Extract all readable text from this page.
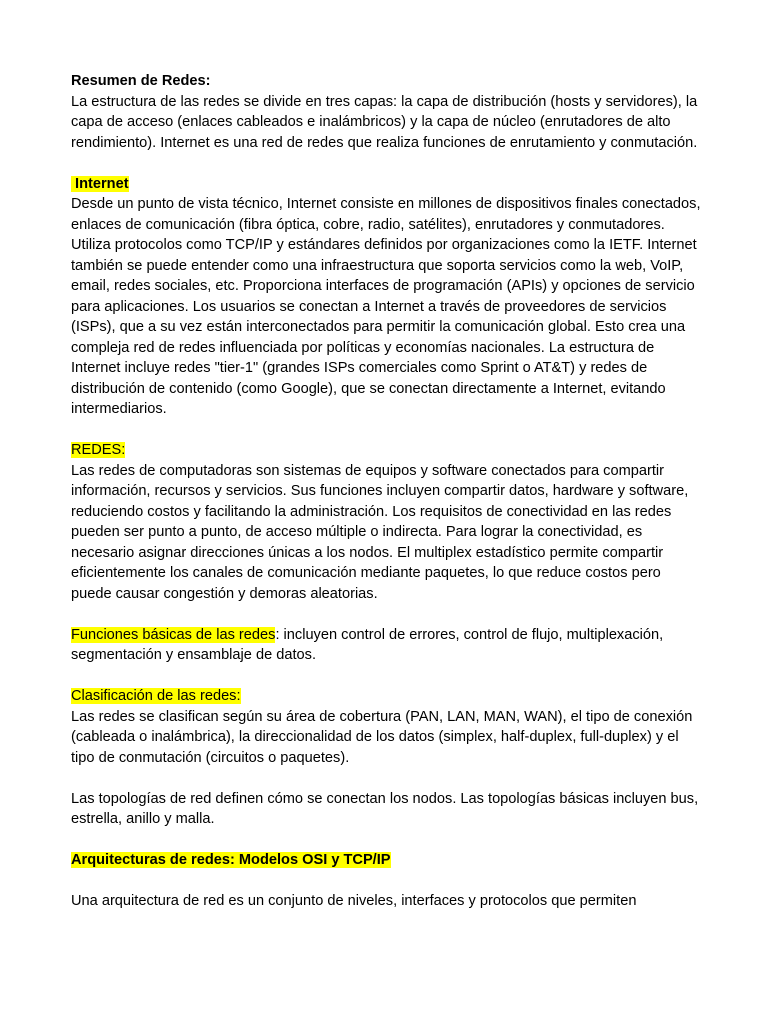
Resumen de Redes:

La estructura de las redes se divide en tres capas: la capa de distribución (hosts y servidores), la capa de acceso (enlaces cableados e inalámbricos) y la capa de núcleo (enrutadores de alto rendimiento). Internet es una red de redes que realiza funciones de enrutamiento y conmutación.

Internet

Desde un punto de vista técnico, Internet consiste en millones de dispositivos finales conectados, enlaces de comunicación (fibra óptica, cobre, radio, satélites), enrutadores y conmutadores. Utiliza protocolos como TCP/IP y estándares definidos por organizaciones como la IETF. Internet también se puede entender como una infraestructura que soporta servicios como la web, VoIP, email, redes sociales, etc. Proporciona interfaces de programación (APIs) y opciones de servicio para aplicaciones. Los usuarios se conectan a Internet a través de proveedores de servicios (ISPs), que a su vez están interconectados para permitir la comunicación global. Esto crea una compleja red de redes influenciada por políticas y economías nacionales. La estructura de Internet incluye redes "tier-1" (grandes ISPs comerciales como Sprint o AT&T) y redes de distribución de contenido (como Google), que se conectan directamente a Internet, evitando intermediarios.

REDES:

Las redes de computadoras son sistemas de equipos y software conectados para compartir información, recursos y servicios. Sus funciones incluyen compartir datos, hardware y software, reduciendo costos y facilitando la administración. Los requisitos de conectividad en las redes pueden ser punto a punto, de acceso múltiple o indirecta. Para lograr la conectividad, es necesario asignar direcciones únicas a los nodos. El multiplex estadístico permite compartir eficientemente los canales de comunicación mediante paquetes, lo que reduce costos pero puede causar congestión y demoras aleatorias.

Funciones básicas de las redes: incluyen control de errores, control de flujo, multiplexación, segmentación y ensamblaje de datos.

Clasificación de las redes:

Las redes se clasifican según su área de cobertura (PAN, LAN, MAN, WAN), el tipo de conexión (cableada o inalámbrica), la direccionalidad de los datos (simplex, half-duplex, full-duplex) y el tipo de conmutación (circuitos o paquetes).

Las topologías de red definen cómo se conectan los nodos. Las topologías básicas incluyen bus, estrella, anillo y malla.

Arquitecturas de redes: Modelos OSI y TCP/IP

Una arquitectura de red es un conjunto de niveles, interfaces y protocolos que permiten
